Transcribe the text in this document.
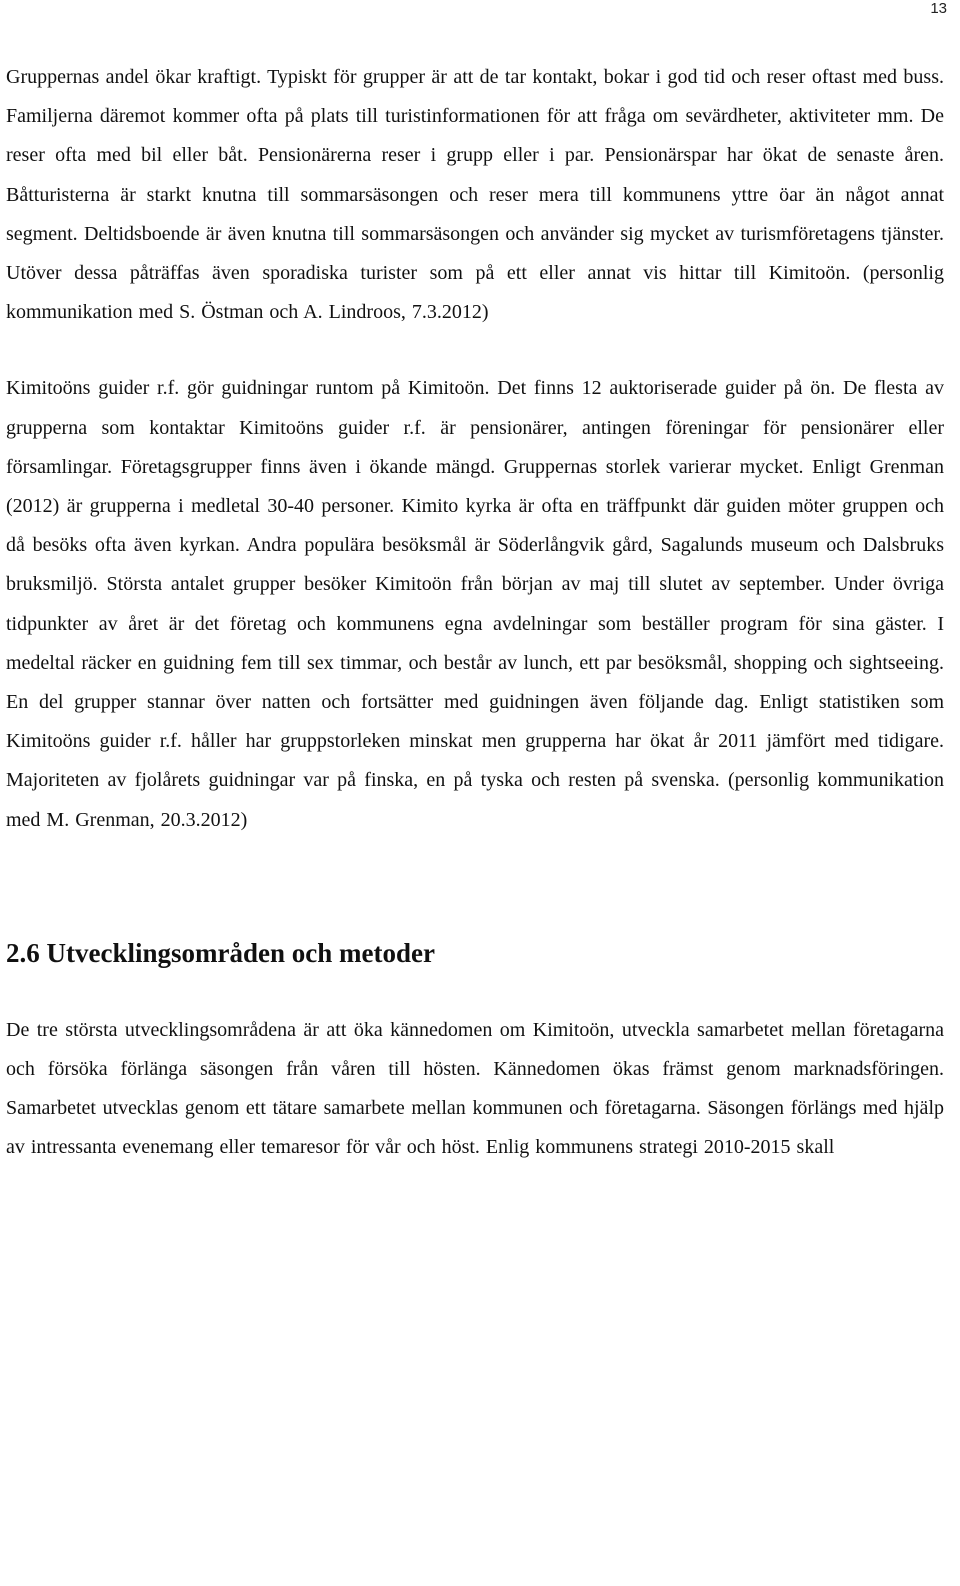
13

Gruppernas andel ökar kraftigt. Typiskt för grupper är att de tar kontakt, bokar i god tid och reser oftast med buss. Familjerna däremot kommer ofta på plats till turistinformationen för att fråga om sevärdheter, aktiviteter mm. De reser ofta med bil eller båt. Pensionärerna reser i grupp eller i par. Pensionärspar har ökat de senaste åren. Båtturisterna är starkt knutna till sommarsäsongen och reser mera till kommunens yttre öar än något annat segment. Deltidsboende är även knutna till sommarsäsongen och använder sig mycket av turismföretagens tjänster. Utöver dessa påträffas även sporadiska turister som på ett eller annat vis hittar till Kimitoön. (personlig kommunikation med S. Östman och A. Lindroos, 7.3.2012)

Kimitoöns guider r.f. gör guidningar runtom på Kimitoön. Det finns 12 auktoriserade guider på ön. De flesta av grupperna som kontaktar Kimitoöns guider r.f. är pensionärer, antingen föreningar för pensionärer eller församlingar. Företagsgrupper finns även i ökande mängd. Gruppernas storlek varierar mycket. Enligt Grenman (2012) är grupperna i medletal 30-40 personer. Kimito kyrka är ofta en träffpunkt där guiden möter gruppen och då besöks ofta även kyrkan. Andra populära besöksmål är Söderlångvik gård, Sagalunds museum och Dalsbruks bruksmiljö. Största antalet grupper besöker Kimitoön från början av maj till slutet av september. Under övriga tidpunkter av året är det företag och kommunens egna avdelningar som beställer program för sina gäster. I medeltal räcker en guidning fem till sex timmar, och består av lunch, ett par besöksmål, shopping och sightseeing. En del grupper stannar över natten och fortsätter med guidningen även följande dag. Enligt statistiken som Kimitoöns guider r.f. håller har gruppstorleken minskat men grupperna har ökat år 2011 jämfört med tidigare. Majoriteten av fjolårets guidningar var på finska, en på tyska och resten på svenska. (personlig kommunikation med M. Grenman, 20.3.2012)

2.6 Utvecklingsområden och metoder

De tre största utvecklingsområdena är att öka kännedomen om Kimitoön, utveckla samarbetet mellan företagarna och försöka förlänga säsongen från våren till hösten. Kännedomen ökas främst genom marknadsföringen. Samarbetet utvecklas genom ett tätare samarbete mellan kommunen och företagarna. Säsongen förlängs med hjälp av intressanta evenemang eller temaresor för vår och höst. Enlig kommunens strategi 2010-2015 skall
